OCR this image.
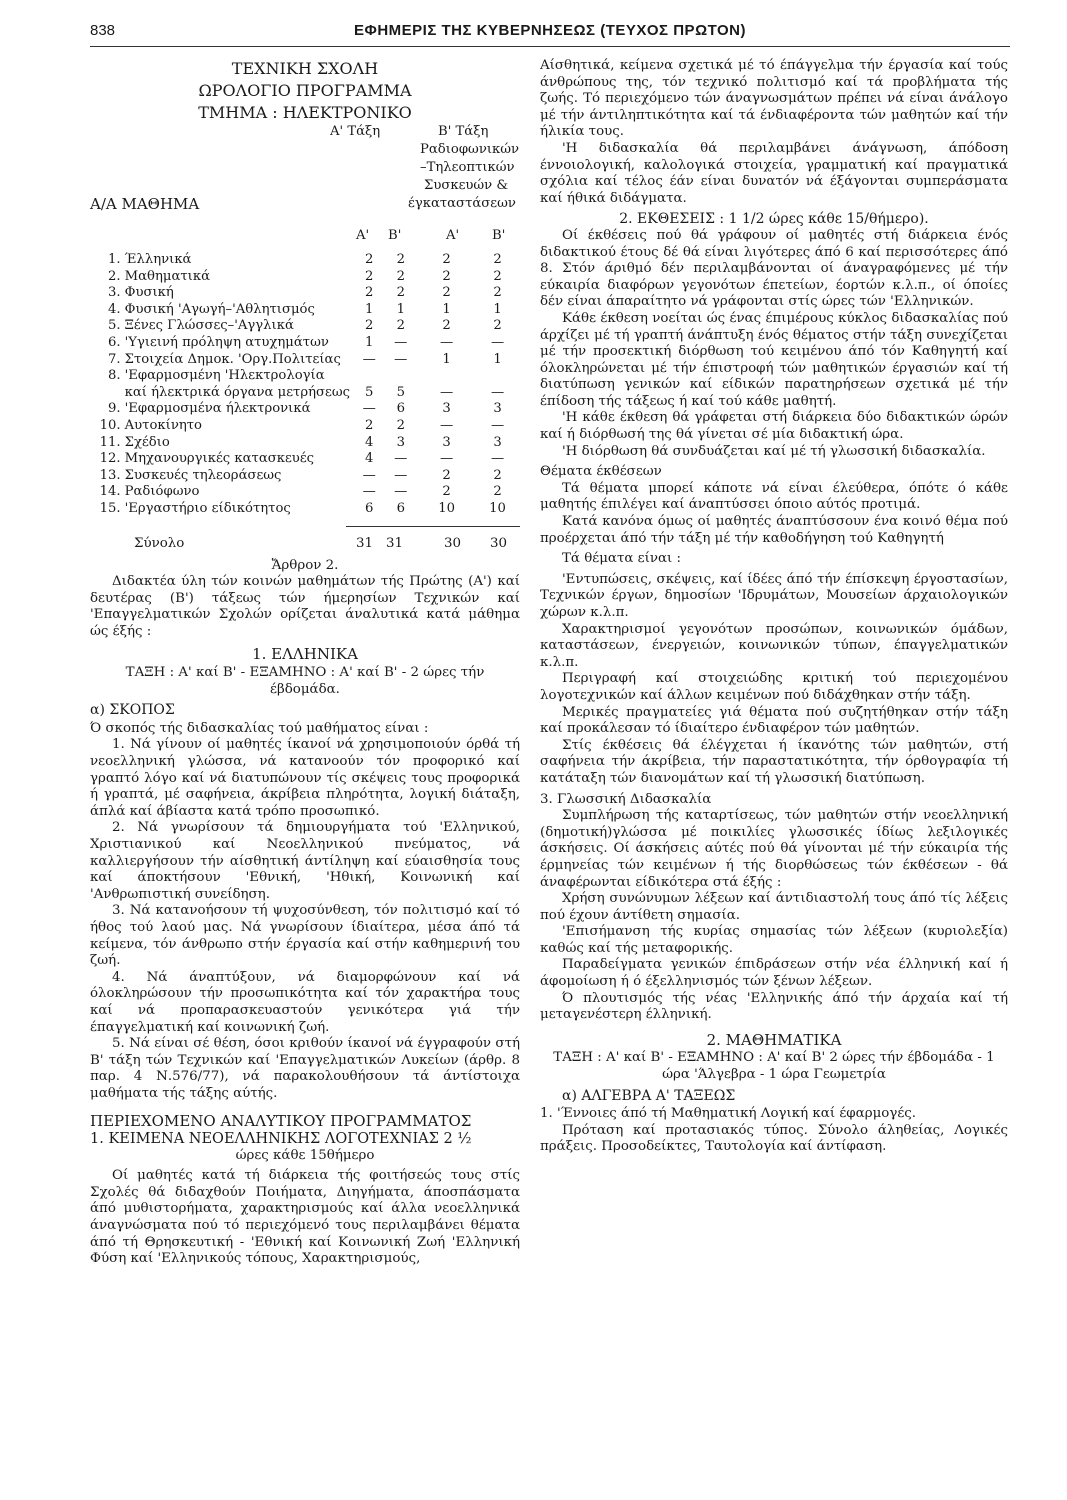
838	ΕΦΗΜΕΡΙΣ ΤΗΣ ΚΥΒΕΡΝΗΣΕΩΣ (ΤΕΥΧΟΣ ΠΡΩΤΟΝ)
ΤΕΧΝΙΚΗ ΣΧΟΛΗ
ΩΡΟΛΟΓΙΟ ΠΡΟΓΡΑΜΜΑ
ΤΜΗΜΑ : ΗΛΕΚΤΡΟΝΙΚΟ
Α' Τάξη	Β' Τάξη
Ραδιοφωνικών
–Τηλεοπτικών
Συσκευών &
έγκαταστάσεων
Α/Α ΜΑΘΗΜΑ
Α' Β'	Α' Β'
1.	Έλληνικά	2	2	2	2
2.	Μαθηματικά	2	2	2	2
3.	Φυσική	2	2	2	2
4.	Φυσική 'Αγωγή–'Αθλητισμός	1	1	1	1
5.	Ξένες Γλώσσες–'Αγγλικά	2	2	2	2
6.	'Υγιεινή πρόληψη ατυχημάτων	1	—	—	—
7.	Στοιχεία Δημοκ. 'Οργ.Πολιτείας	—	—	1	1
8.	'Εφαρμοσμένη 'Ηλεκτρολογία				
	καί ήλεκτρικά όργανα μετρήσεως	5	5	—	—
9.	'Εφαρμοσμένα ήλεκτρονικά	—	6	3	3
10.	Αυτοκίνητο	2	2	—	—
11.	Σχέδιο	4	3	3	3
12.	Μηχανουργικές κατασκευές	4	—	—	—
13.	Συσκευές τηλεοράσεως	—	—	2	2
14.	Ραδιόφωνο	—	—	2	2
15.	'Εργαστήριο είδικότητος	6	6	10	10
Σύνολο	31 31	30 30
Ἄρθρον 2.

Διδακτέα ύλη τών κοινών μαθημάτων τής Πρώτης (Α') καί δευτέρας (Β') τάξεως τών ήμερησίων Τεχνικών καί 'Επαγγελματικών Σχολών ορίζεται άναλυτικά κατά μάθημα ώς έξής :

1. ΕΛΛΗΝΙΚΑ
ΤΑΞΗ : Α' καί Β' - ΕΞΑΜΗΝΟ : Α' καί Β' - 2 ώρες τήν έβδομάδα.
α) ΣΚΟΠΟΣ

Ό σκοπός τής διδασκαλίας τού μαθήματος είναι :

1. Νά γίνουν οί μαθητές ίκανοί νά χρησιμοποιούν όρθά τή νεοελληνική γλώσσα, νά κατανοούν τόν προφορικό καί γραπτό λόγο καί νά διατυπώνουν τίς σκέψεις τους προφορικά ή γραπτά, μέ σαφήνεια, άκρίβεια πληρότητα, λογική διάταξη, άπλά καί άβίαστα κατά τρόπο προσωπικό.

2. Νά γνωρίσουν τά δημιουργήματα τού 'Ελληνικού, Χριστιανικού καί Νεοελληνικού πνεύματος, νά καλλιεργήσουν τήν αίσθητική άντίληψη καί εύαισθησία τους καί άποκτήσουν 'Εθνική, 'Ηθική, Κοινωνική καί 'Ανθρωπιστική συνείδηση.

3. Νά κατανοήσουν τή ψυχοσύνθεση, τόν πολιτισμό καί τό ήθος τού λαού μας. Νά γνωρίσουν ίδιαίτερα, μέσα άπό τά κείμενα, τόν άνθρωπο στήν έργασία καί στήν καθημερινή του ζωή.

4. Νά άναπτύξουν, νά διαμορφώνουν καί νά όλοκληρώσουν τήν προσωπικότητα καί τόν χαρακτήρα τους καί νά προπαρασκευαστούν γενικότερα γιά τήν έπαγγελματική καί κοινωνική ζωή.

5. Νά είναι σέ θέση, όσοι κριθούν ίκανοί νά έγγραφούν στή Β' τάξη τών Τεχνικών καί 'Επαγγελματικών Λυκείων (άρθρ. 8 παρ. 4 Ν.576/77), νά παρακολουθήσουν τά άντίστοιχα μαθήματα τής τάξης αύτής.

ΠΕΡΙΕΧΟΜΕΝΟ ΑΝΑΛΥΤΙΚΟΥ ΠΡΟΓΡΑΜΜΑΤΟΣ
1. ΚΕΙΜΕΝΑ ΝΕΟΕΛΛΗΝΙΚΗΣ ΛΟΓΟΤΕΧΝΙΑΣ 2 ½
ώρες κάθε 15θήμερο

Οί μαθητές κατά τή διάρκεια τής φοιτήσεώς τους στίς Σχολές θά διδαχθούν Ποιήματα, Διηγήματα, άποσπάσματα άπό μυθιστορήματα, χαρακτηρισμούς καί άλλα νεοελληνικά άναγνώσματα πού τό περιεχόμενό τους περιλαμβάνει θέματα άπό τή Θρησκευτική - 'Εθνική καί Κοινωνική Ζωή 'Ελληνική Φύση καί 'Ελληνικούς τόπους, Χαρακτηρισμούς,

Αίσθητικά, κείμενα σχετικά μέ τό έπάγγελμα τήν έργασία καί τούς άνθρώπους της, τόν τεχνικό πολιτισμό καί τά προβλήματα τής ζωής. Τό περιεχόμενο τών άναγνωσμάτων πρέπει νά είναι άνάλογο μέ τήν άντιληπτικότητα καί τά ένδιαφέροντα τών μαθητών καί τήν ήλικία τους.

'Η διδασκαλία θά περιλαμβάνει άνάγνωση, άπόδοση έννοιολογική, καλολογικά στοιχεία, γραμματική καί πραγματικά σχόλια καί τέλος έάν είναι δυνατόν νά έξάγονται συμπεράσματα καί ήθικά διδάγματα.

2. ΕΚΘΕΣΕΙΣ : 1 1/2 ώρες κάθε 15/θήμερο).

Οί έκθέσεις πού θά γράφουν οί μαθητές στή διάρκεια ένός διδακτικού έτους δέ θά είναι λιγότερες άπό 6 καί περισσότερες άπό 8. Στόν άριθμό δέν περιλαμβάνονται οί άναγραφόμενες μέ τήν εύκαιρία διαφόρων γεγονότων έπετείων, έορτών κ.λ.π., οί όποίες δέν είναι άπαραίτητο νά γράφονται στίς ώρες τών 'Ελληνικών.

Κάθε έκθεση νοείται ώς ένας έπιμέρους κύκλος διδασκαλίας πού άρχίζει μέ τή γραπτή άνάπτυξη ένός θέματος στήν τάξη συνεχίζεται μέ τήν προσεκτική διόρθωση τού κειμένου άπό τόν Καθηγητή καί όλοκληρώνεται μέ τήν έπιστροφή τών μαθητικών έργασιών καί τή διατύπωση γενικών καί είδικών παρατηρήσεων σχετικά μέ τήν έπίδοση τής τάξεως ή καί τού κάθε μαθητή.

'Η κάθε έκθεση θά γράφεται στή διάρκεια δύο διδακτικών ώρών καί ή διόρθωσή της θά γίνεται σέ μία διδακτική ώρα.

'Η διόρθωση θά συνδυάζεται καί μέ τή γλωσσική διδασκαλία.

Θέματα έκθέσεων

Τά θέματα μπορεί κάποτε νά είναι έλεύθερα, όπότε ό κάθε μαθητής έπιλέγει καί άναπτύσσει όποιο αύτός προτιμά.

Κατά κανόνα όμως οί μαθητές άναπτύσσουν ένα κοινό θέμα πού προέρχεται άπό τήν τάξη μέ τήν καθοδήγηση τού Καθηγητή

Τά θέματα είναι :

'Εντυπώσεις, σκέψεις, καί ίδέες άπό τήν έπίσκεψη έργοστασίων, Τεχνικών έργων, δημοσίων 'Ιδρυμάτων, Μουσείων άρχαιολογικών χώρων κ.λ.π.

Χαρακτηρισμοί γεγονότων προσώπων, κοινωνικών όμάδων, καταστάσεων, ένεργειών, κοινωνικών τύπων, έπαγγελματικών κ.λ.π.

Περιγραφή καί στοιχειώδης κριτική τού περιεχομένου λογοτεχνικών καί άλλων κειμένων πού διδάχθηκαν στήν τάξη.

Μερικές πραγματείες γιά θέματα πού συζητήθηκαν στήν τάξη καί προκάλεσαν τό ίδιαίτερο ένδιαφέρον τών μαθητών.

Στίς έκθέσεις θά έλέγχεται ή ίκανότης τών μαθητών, στή σαφήνεια τήν άκρίβεια, τήν παραστατικότητα, τήν όρθογραφία τή κατάταξη τών διανομάτων καί τή γλωσσική διατύπωση.

3. Γλωσσική Διδασκαλία

Συμπλήρωση τής καταρτίσεως, τών μαθητών στήν νεοελληνική (δημοτική)γλώσσα μέ ποικιλίες γλωσσικές ίδίως λεξιλογικές άσκήσεις. Οί άσκήσεις αύτές πού θά γίνονται μέ τήν εύκαιρία τής έρμηνείας τών κειμένων ή τής διορθώσεως τών έκθέσεων - θά άναφέρωνται είδικότερα στά έξής :

Χρήση συνώνυμων λέξεων καί άντιδιαστολή τους άπό τίς λέξεις πού έχουν άντίθετη σημασία.

'Επισήμανση τής κυρίας σημασίας τών λέξεων (κυριολεξία) καθώς καί τής μεταφορικής.

Παραδείγματα γενικών έπιδράσεων στήν νέα έλληνική καί ή άφομοίωση ή ό έξελληνισμός τών ξένων λέξεων.

Ό πλουτισμός τής νέας 'Ελληνικής άπό τήν άρχαία καί τή μεταγενέστερη έλληνική.

2. ΜΑΘΗΜΑΤΙΚΑ
ΤΑΞΗ : Α' καί Β' - ΕΞΑΜΗΝΟ : Α' καί Β' 2 ώρες τήν έβδομάδα - 1 ώρα 'Άλγεβρα - 1 ώρα Γεωμετρία
α) ΑΛΓΕΒΡΑ Α' ΤΑΞΕΩΣ

1. 'Έννοιες άπό τή Μαθηματική Λογική καί έφαρμογές.

Πρόταση καί προτασιακός τύπος. Σύνολο άληθείας, Λογικές πράξεις. Προσοδείκτες, Ταυτολογία καί άντίφαση.
